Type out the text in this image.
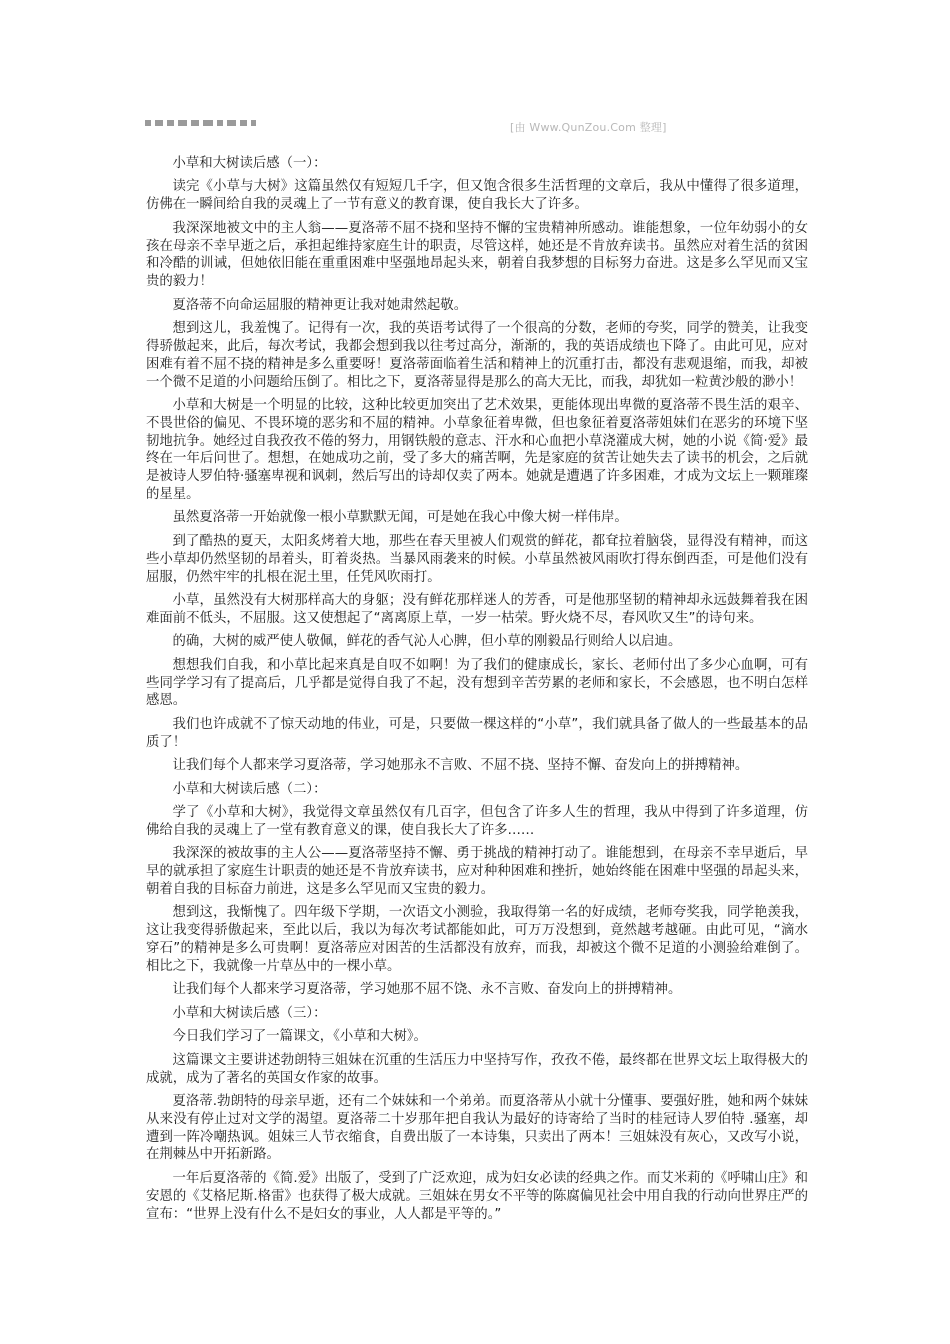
[由 Www.QunZou.Com 整理]

小草和大树读后感（一）：

读完《小草与大树》这篇虽然仅有短短几千字，但又饱含很多生活哲理的文章后，我从中懂得了很多道理，仿佛在一瞬间给自我的灵魂上了一节有意义的教育课，使自我长大了许多。

我深深地被文中的主人翁——夏洛蒂不屈不挠和坚持不懈的宝贵精神所感动。谁能想象，一位年幼弱小的女孩在母亲不幸早逝之后，承担起维持家庭生计的职责，尽管这样，她还是不肯放弃读书。虽然应对着生活的贫困和冷酷的训诫，但她依旧能在重重困难中坚强地昂起头来，朝着自我梦想的目标努力奋进。这是多么罕见而又宝贵的毅力！

夏洛蒂不向命运屈服的精神更让我对她肃然起敬。

想到这儿，我羞愧了。记得有一次，我的英语考试得了一个很高的分数，老师的夸奖，同学的赞美，让我变得骄傲起来，此后，每次考试，我都会想到我以往考过高分，渐渐的，我的英语成绩也下降了。由此可见，应对困难有着不屈不挠的精神是多么重要呀！夏洛蒂面临着生活和精神上的沉重打击，都没有悲观退缩，而我，却被一个微不足道的小问题给压倒了。相比之下，夏洛蒂显得是那么的高大无比，而我，却犹如一粒黄沙般的渺小！

小草和大树是一个明显的比较，这种比较更加突出了艺术效果，更能体现出卑微的夏洛蒂不畏生活的艰辛、不畏世俗的偏见、不畏环境的恶劣和不屈的精神。小草象征着卑微，但也象征着夏洛蒂姐妹们在恶劣的环境下坚韧地抗争。她经过自我孜孜不倦的努力，用钢铁般的意志、汗水和心血把小草浇灌成大树，她的小说《简·爱》最终在一年后问世了。想想，在她成功之前，受了多大的痛苦啊，先是家庭的贫苦让她失去了读书的机会，之后就是被诗人罗伯特·骚塞卑视和讽刺，然后写出的诗却仅卖了两本。她就是遭遇了许多困难，才成为文坛上一颗璀璨的星星。

虽然夏洛蒂一开始就像一根小草默默无闻，可是她在我心中像大树一样伟岸。

到了酷热的夏天，太阳炙烤着大地，那些在春天里被人们观赏的鲜花，都耷拉着脑袋，显得没有精神，而这些小草却仍然坚韧的昂着头，盯着炎热。当暴风雨袭来的时候。小草虽然被风雨吹打得东倒西歪，可是他们没有屈服，仍然牢牢的扎根在泥土里，任凭风吹雨打。

小草，虽然没有大树那样高大的身躯；没有鲜花那样迷人的芳香，可是他那坚韧的精神却永远鼓舞着我在困难面前不低头，不屈服。这又使想起了“离离原上草，一岁一枯荣。野火烧不尽，春风吹又生”的诗句来。

的确，大树的威严使人敬佩，鲜花的香气沁人心脾，但小草的刚毅品行则给人以启迪。

想想我们自我，和小草比起来真是自叹不如啊！为了我们的健康成长，家长、老师付出了多少心血啊，可有些同学学习有了提高后，几乎都是觉得自我了不起，没有想到辛苦劳累的老师和家长，不会感恩，也不明白怎样感恩。

我们也许成就不了惊天动地的伟业，可是，只要做一棵这样的“小草”，我们就具备了做人的一些最基本的品质了！

让我们每个人都来学习夏洛蒂，学习她那永不言败、不屈不挠、坚持不懈、奋发向上的拼搏精神。

小草和大树读后感（二）：

学了《小草和大树》，我觉得文章虽然仅有几百字，但包含了许多人生的哲理，我从中得到了许多道理，仿佛给自我的灵魂上了一堂有教育意义的课，使自我长大了许多……

我深深的被故事的主人公——夏洛蒂坚持不懈、勇于挑战的精神打动了。谁能想到，在母亲不幸早逝后，早早的就承担了家庭生计职责的她还是不肯放弃读书，应对种种困难和挫折，她始终能在困难中坚强的昂起头来，朝着自我的目标奋力前进，这是多么罕见而又宝贵的毅力。

想到这，我惭愧了。四年级下学期，一次语文小测验，我取得第一名的好成绩，老师夸奖我，同学艳羡我，这让我变得骄傲起来，至此以后，我以为每次考试都能如此，可万万没想到，竟然越考越砸。由此可见，“滴水穿石”的精神是多么可贵啊！夏洛蒂应对困苦的生活都没有放弃，而我，却被这个微不足道的小测验给难倒了。相比之下，我就像一片草丛中的一棵小草。

让我们每个人都来学习夏洛蒂，学习她那不屈不饶、永不言败、奋发向上的拼搏精神。

小草和大树读后感（三）：

今日我们学习了一篇课文，《小草和大树》。

这篇课文主要讲述勃朗特三姐妹在沉重的生活压力中坚持写作，孜孜不倦，最终都在世界文坛上取得极大的成就，成为了著名的英国女作家的故事。

夏洛蒂.勃朗特的母亲早逝，还有二个妹妹和一个弟弟。而夏洛蒂从小就十分懂事、要强好胜，她和两个妹妹从来没有停止过对文学的渴望。夏洛蒂二十岁那年把自我认为最好的诗寄给了当时的桂冠诗人罗伯特 .骚塞，却遭到一阵冷嘲热讽。姐妹三人节衣缩食，自费出版了一本诗集，只卖出了两本！三姐妹没有灰心，又改写小说，在荆棘丛中开拓新路。

一年后夏洛蒂的《简.爱》出版了，受到了广泛欢迎，成为妇女必读的经典之作。而艾米莉的《呼啸山庄》和安恩的《艾格尼斯.格雷》也获得了极大成就。三姐妹在男女不平等的陈腐偏见社会中用自我的行动向世界庄严的宣布：“世界上没有什么不是妇女的事业，人人都是平等的。”
